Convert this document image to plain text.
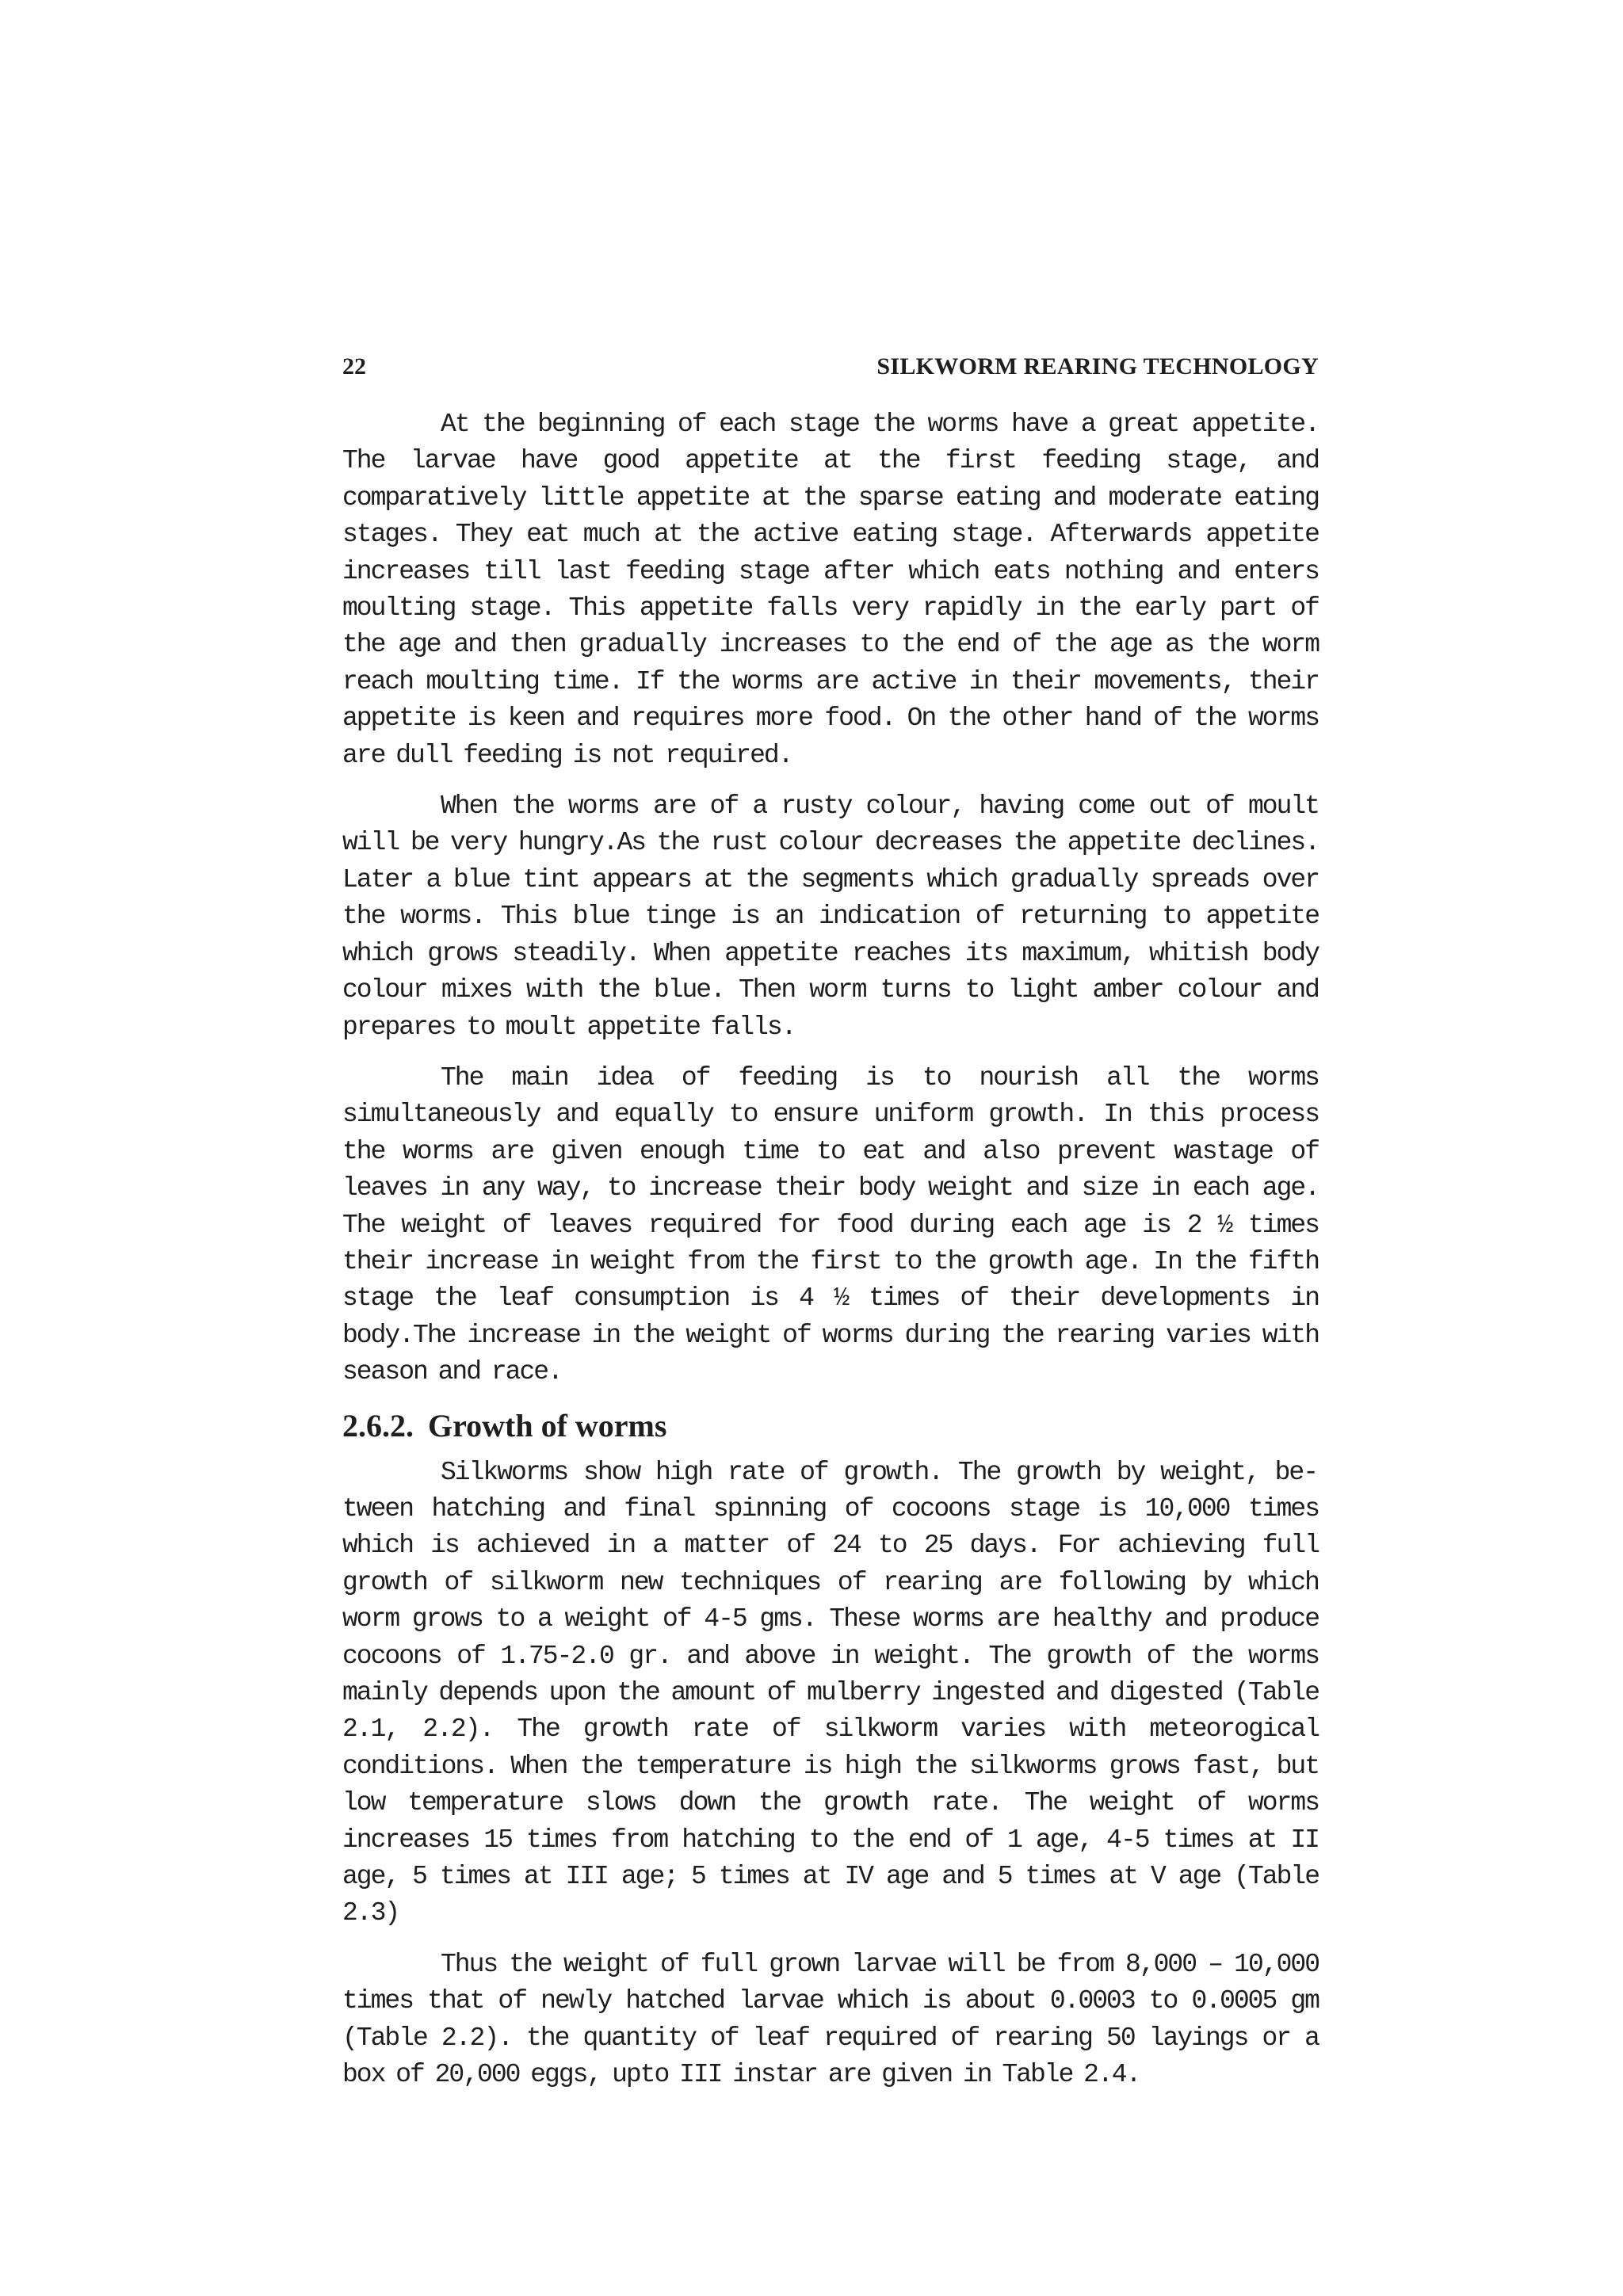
22	SILKWORM REARING TECHNOLOGY

At the beginning of each stage the worms have a great appetite. The larvae have good appetite at the first feeding stage, and comparatively little appetite at the sparse eating and moderate eating stages. They eat much at the active eating stage. Afterwards appetite increases till last feeding stage after which eats nothing and enters moulting stage. This appetite falls very rapidly in the early part of the age and then gradually increases to the end of the age as the worm reach moulting time. If the worms are active in their movements, their appetite is keen and requires more food. On the other hand of the worms are dull feeding is not required.

When the worms are of a rusty colour, having come out of moult will be very hungry.As the rust colour decreases the appetite declines. Later a blue tint appears at the segments which gradually spreads over the worms. This blue tinge is an indication of returning to appetite which grows steadily. When appetite reaches its maximum, whitish body colour mixes with the blue. Then worm turns to light amber colour and prepares to moult appetite falls.

The main idea of feeding is to nourish all the worms simultaneously and equally to ensure uniform growth. In this process the worms are given enough time to eat and also prevent wastage of leaves in any way, to increase their body weight and size in each age. The weight of leaves required for food during each age is 2 ½ times their increase in weight from the first to the growth age. In the fifth stage the leaf consumption is 4 ½ times of their developments in body.The increase in the weight of worms during the rearing varies with season and race.

2.6.2. Growth of worms

Silkworms show high rate of growth. The growth by weight, between hatching and final spinning of cocoons stage is 10,000 times which is achieved in a matter of 24 to 25 days. For achieving full growth of silkworm new techniques of rearing are following by which worm grows to a weight of 4-5 gms. These worms are healthy and produce cocoons of 1.75-2.0 gr. and above in weight. The growth of the worms mainly depends upon the amount of mulberry ingested and digested (Table 2.1, 2.2). The growth rate of silkworm varies with meteorogical conditions. When the temperature is high the silkworms grows fast, but low temperature slows down the growth rate. The weight of worms increases 15 times from hatching to the end of 1 age, 4-5 times at II age, 5 times at III age; 5 times at IV age and 5 times at V age (Table 2.3)

Thus the weight of full grown larvae will be from 8,000 – 10,000 times that of newly hatched larvae which is about 0.0003 to 0.0005 gm (Table 2.2). the quantity of leaf required of rearing 50 layings or a box of 20,000 eggs, upto III instar are given in Table 2.4.
